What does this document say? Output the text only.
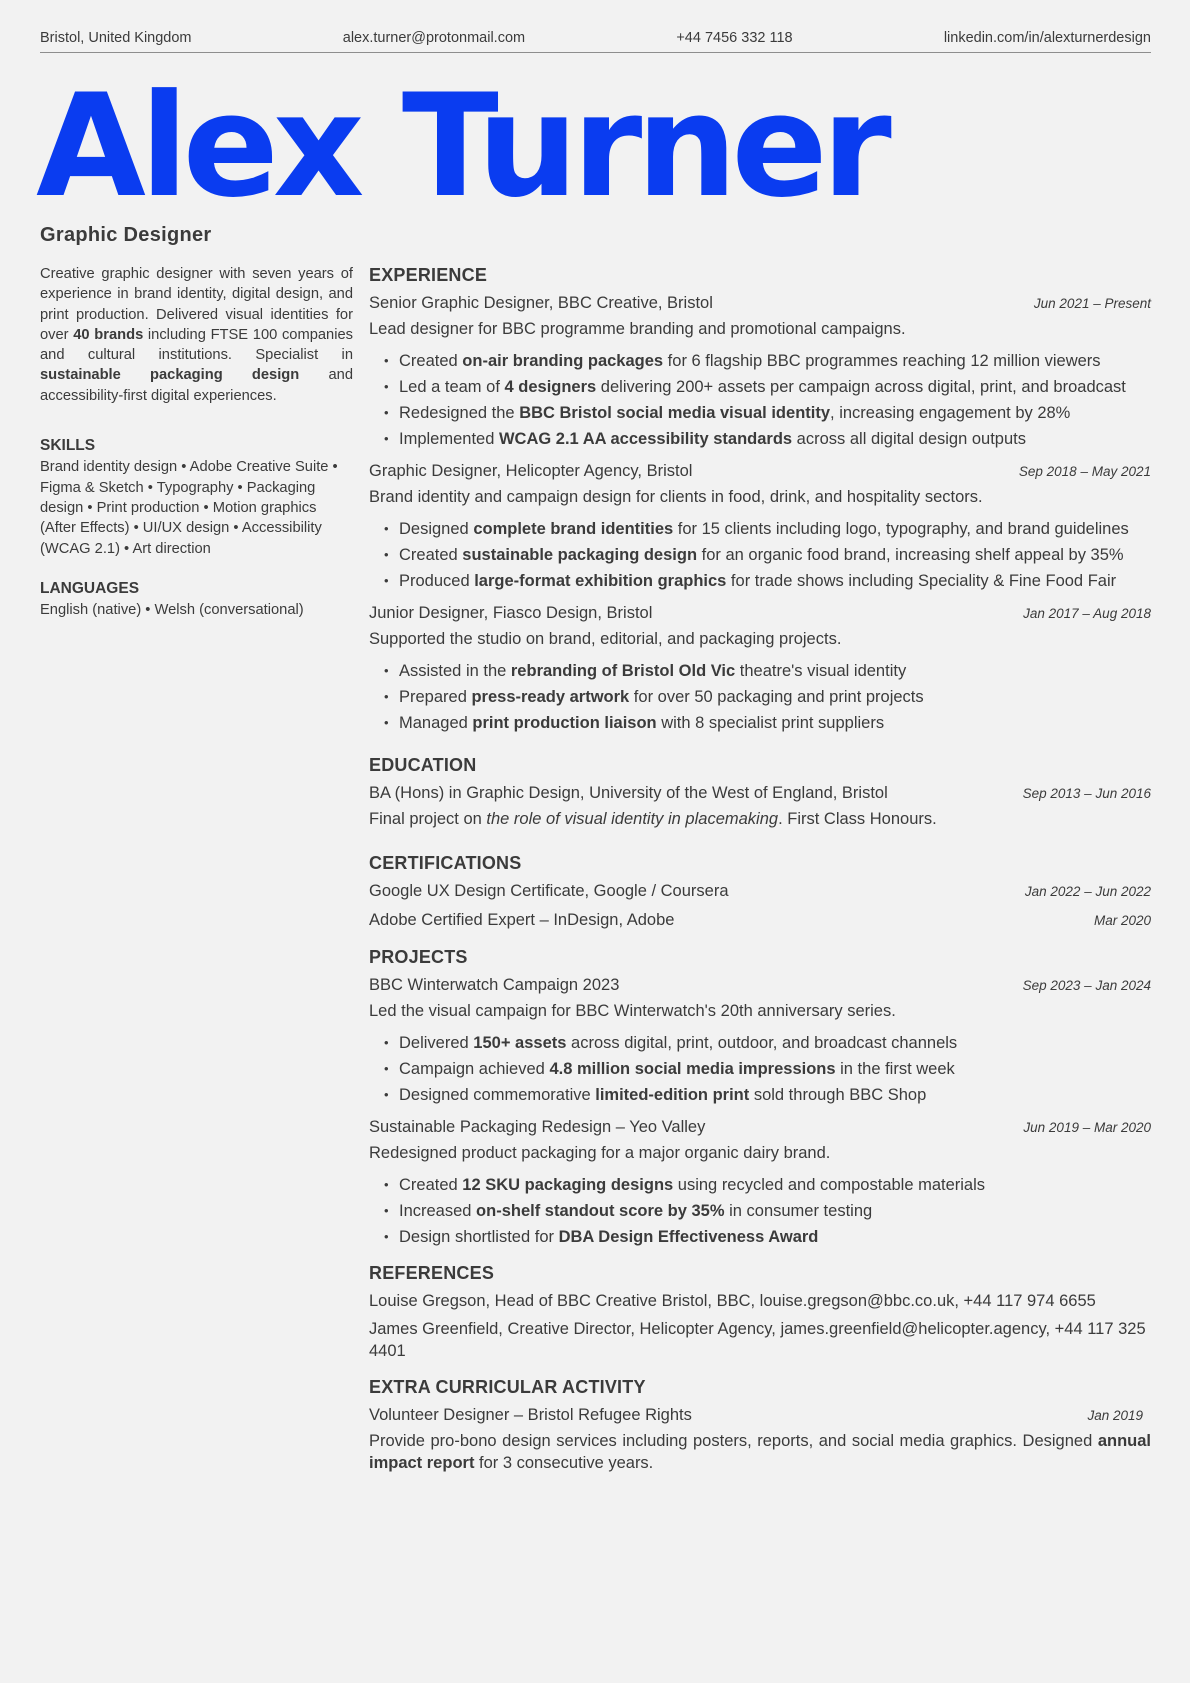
Bristol, United Kingdom	alex.turner@protonmail.com	+44 7456 332 118	linkedin.com/in/alexturnerdesign
Alex Turner
Graphic Designer

Creative graphic designer with seven years of experience in brand identity, digital design, and print production. Delivered visual identities for over 40 brands including FTSE 100 companies and cultural institutions. Specialist in sustainable packaging design and accessibility-first digital experiences.

SKILLS

Brand identity design • Adobe Creative Suite • Figma & Sketch • Typography • Packaging design • Print production • Motion graphics (After Effects) • UI/UX design • Accessibility (WCAG 2.1) • Art direction

LANGUAGES

English (native) • Welsh (conversational)

EXPERIENCE
Senior Graphic Designer, BBC Creative, Bristol	Jun 2021 – Present
Lead designer for BBC programme branding and promotional campaigns.
• Created on-air branding packages for 6 flagship BBC programmes reaching 12 million viewers
• Led a team of 4 designers delivering 200+ assets per campaign across digital, print, and broadcast
• Redesigned the BBC Bristol social media visual identity, increasing engagement by 28%
• Implemented WCAG 2.1 AA accessibility standards across all digital design outputs
Graphic Designer, Helicopter Agency, Bristol	Sep 2018 – May 2021
Brand identity and campaign design for clients in food, drink, and hospitality sectors.
• Designed complete brand identities for 15 clients including logo, typography, and brand guidelines
• Created sustainable packaging design for an organic food brand, increasing shelf appeal by 35%
• Produced large-format exhibition graphics for trade shows including Speciality & Fine Food Fair
Junior Designer, Fiasco Design, Bristol	Jan 2017 – Aug 2018
Supported the studio on brand, editorial, and packaging projects.
• Assisted in the rebranding of Bristol Old Vic theatre's visual identity
• Prepared press-ready artwork for over 50 packaging and print projects
• Managed print production liaison with 8 specialist print suppliers
EDUCATION
BA (Hons) in Graphic Design, University of the West of England, Bristol	Sep 2013 – Jun 2016
Final project on the role of visual identity in placemaking. First Class Honours.
CERTIFICATIONS
Google UX Design Certificate, Google / Coursera	Jan 2022 – Jun 2022
Adobe Certified Expert – InDesign, Adobe	Mar 2020
PROJECTS
BBC Winterwatch Campaign 2023	Sep 2023 – Jan 2024
Led the visual campaign for BBC Winterwatch's 20th anniversary series.
• Delivered 150+ assets across digital, print, outdoor, and broadcast channels
• Campaign achieved 4.8 million social media impressions in the first week
• Designed commemorative limited-edition print sold through BBC Shop
Sustainable Packaging Redesign – Yeo Valley	Jun 2019 – Mar 2020
Redesigned product packaging for a major organic dairy brand.
• Created 12 SKU packaging designs using recycled and compostable materials
• Increased on-shelf standout score by 35% in consumer testing
• Design shortlisted for DBA Design Effectiveness Award
REFERENCES
Louise Gregson, Head of BBC Creative Bristol, BBC, louise.gregson@bbc.co.uk, +44 117 974 6655
James Greenfield, Creative Director, Helicopter Agency, james.greenfield@helicopter.agency, +44 117 325 4401
EXTRA CURRICULAR ACTIVITY
Volunteer Designer – Bristol Refugee Rights	Jan 2019
Provide pro-bono design services including posters, reports, and social media graphics. Designed annual impact report for 3 consecutive years.
